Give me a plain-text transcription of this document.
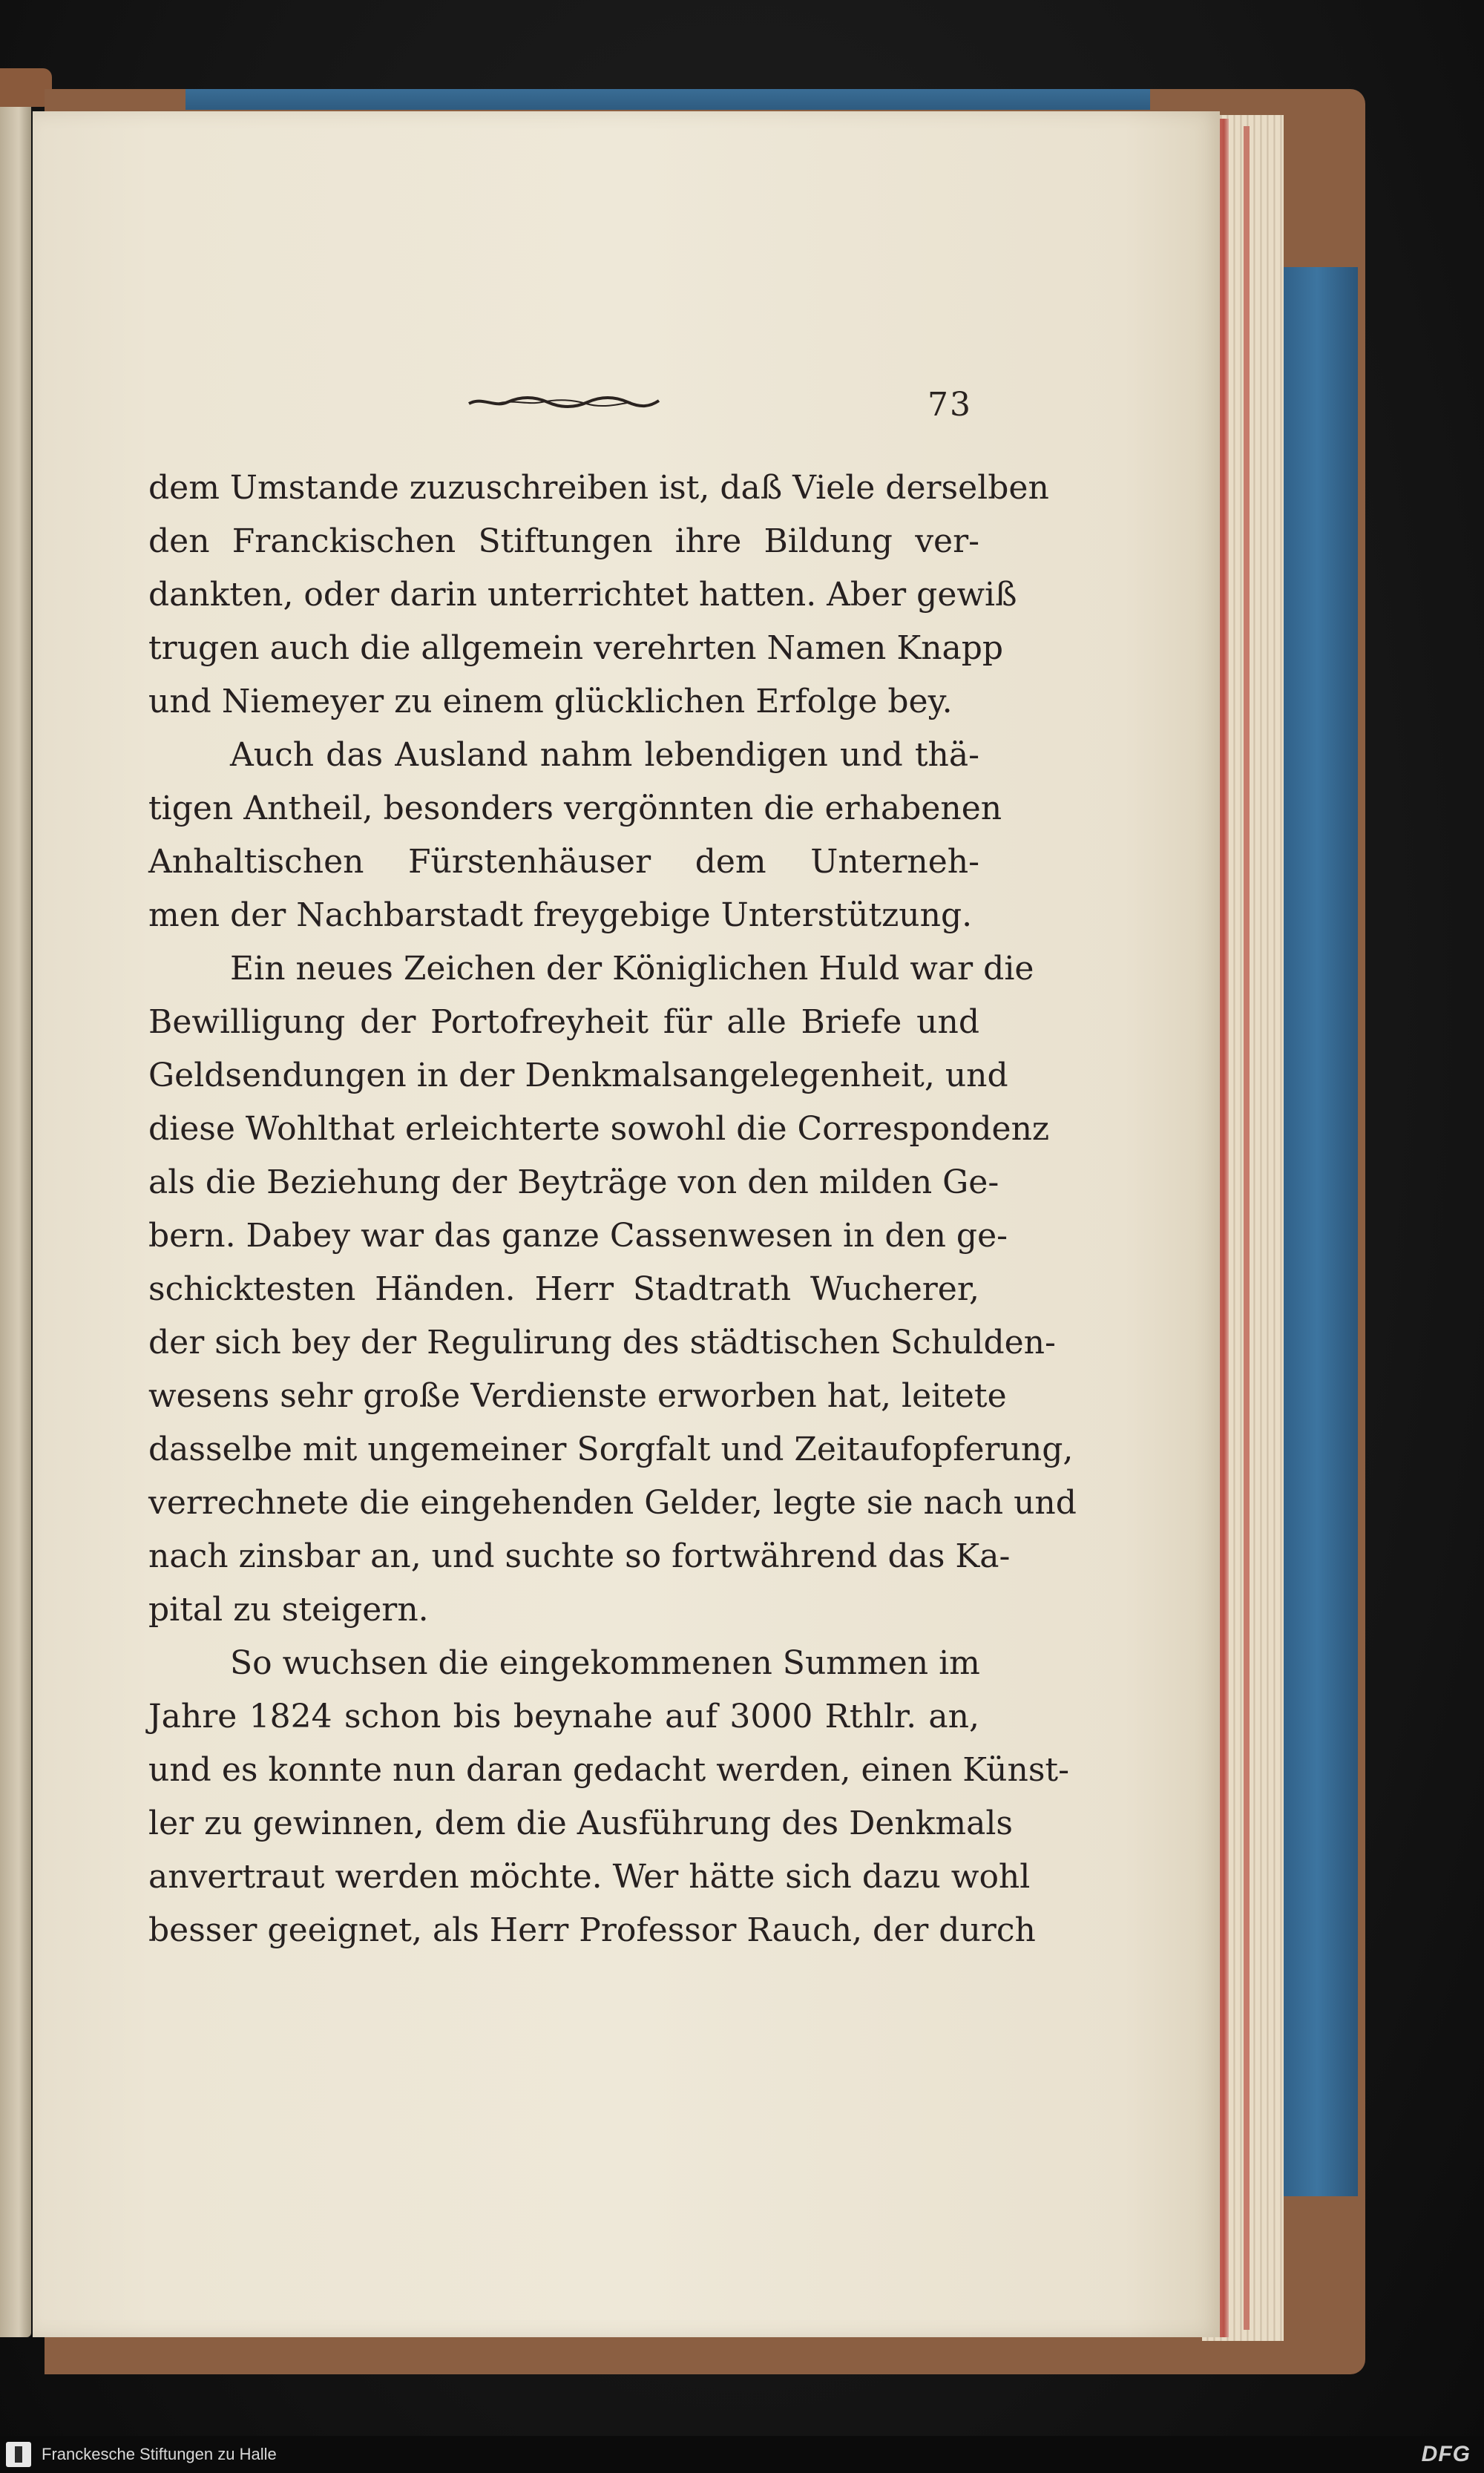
73
dem Umstande zuzuschreiben ist, daß Viele derselben
den Franckischen Stiftungen ihre Bildung ver-
dankten, oder darin unterrichtet hatten. Aber gewiß
trugen auch die allgemein verehrten Namen Knapp
und Niemeyer zu einem glücklichen Erfolge bey.
Auch das Ausland nahm lebendigen und thä-
tigen Antheil, besonders vergönnten die erhabenen
Anhaltischen Fürstenhäuser dem Unterneh-
men der Nachbarstadt freygebige Unterstützung.
Ein neues Zeichen der Königlichen Huld war die
Bewilligung der Portofreyheit für alle Briefe und
Geldsendungen in der Denkmalsangelegenheit, und
diese Wohlthat erleichterte sowohl die Correspondenz
als die Beziehung der Beyträge von den milden Ge-
bern. Dabey war das ganze Cassenwesen in den ge-
schicktesten Händen. Herr Stadtrath Wucherer,
der sich bey der Regulirung des städtischen Schulden-
wesens sehr große Verdienste erworben hat, leitete
dasselbe mit ungemeiner Sorgfalt und Zeitaufopferung,
verrechnete die eingehenden Gelder, legte sie nach und
nach zinsbar an, und suchte so fortwährend das Ka-
pital zu steigern.
So wuchsen die eingekommenen Summen im
Jahre 1824 schon bis beynahe auf 3000 Rthlr. an,
und es konnte nun daran gedacht werden, einen Künst-
ler zu gewinnen, dem die Ausführung des Denkmals
anvertraut werden möchte. Wer hätte sich dazu wohl
besser geeignet, als Herr Professor Rauch, der durch
Franckesche Stiftungen zu Halle	DFG
